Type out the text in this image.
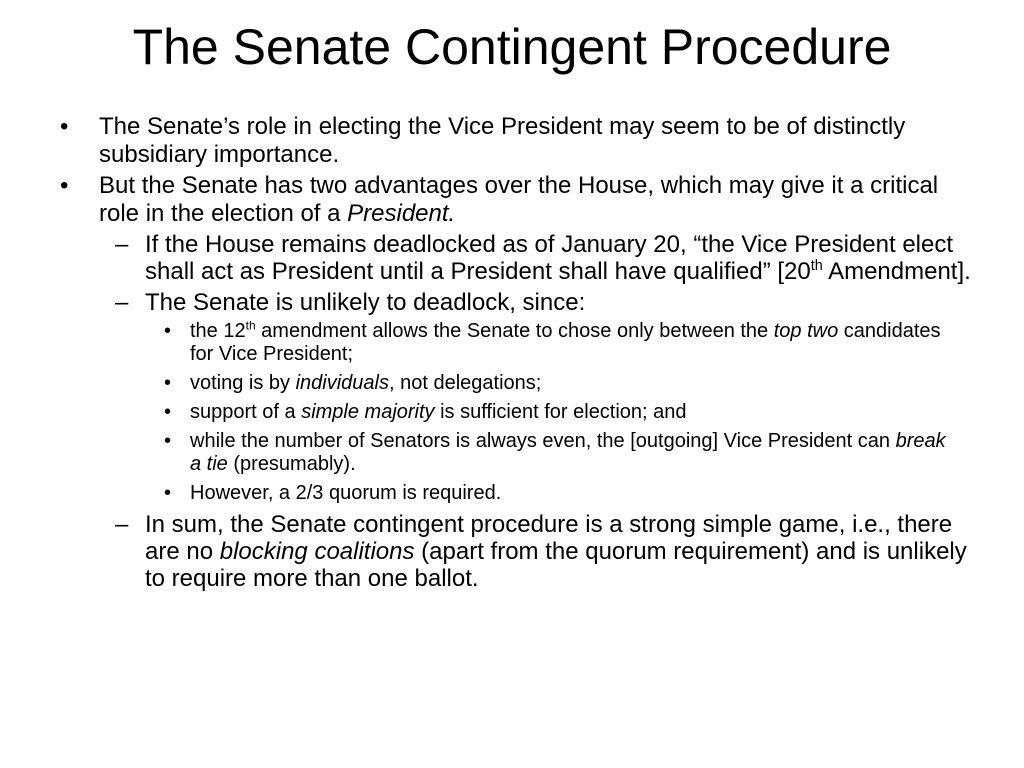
The Senate Contingent Procedure

• The Senate’s role in electing the Vice President may seem to be of distinctly subsidiary importance.

• But the Senate has two advantages over the House, which may give it a critical role in the election of a President.

– If the House remains deadlocked as of January 20, “the Vice President elect shall act as President until a President shall have qualified” [20th Amendment].

– The Senate is unlikely to deadlock, since:

• the 12th amendment allows the Senate to chose only between the top two candidates for Vice President;

• voting is by individuals, not delegations;

• support of a simple majority is sufficient for election; and

• while the number of Senators is always even, the [outgoing] Vice President can break a tie (presumably).

• However, a 2/3 quorum is required.

– In sum, the Senate contingent procedure is a strong simple game, i.e., there are no blocking coalitions (apart from the quorum requirement) and is unlikely to require more than one ballot.
